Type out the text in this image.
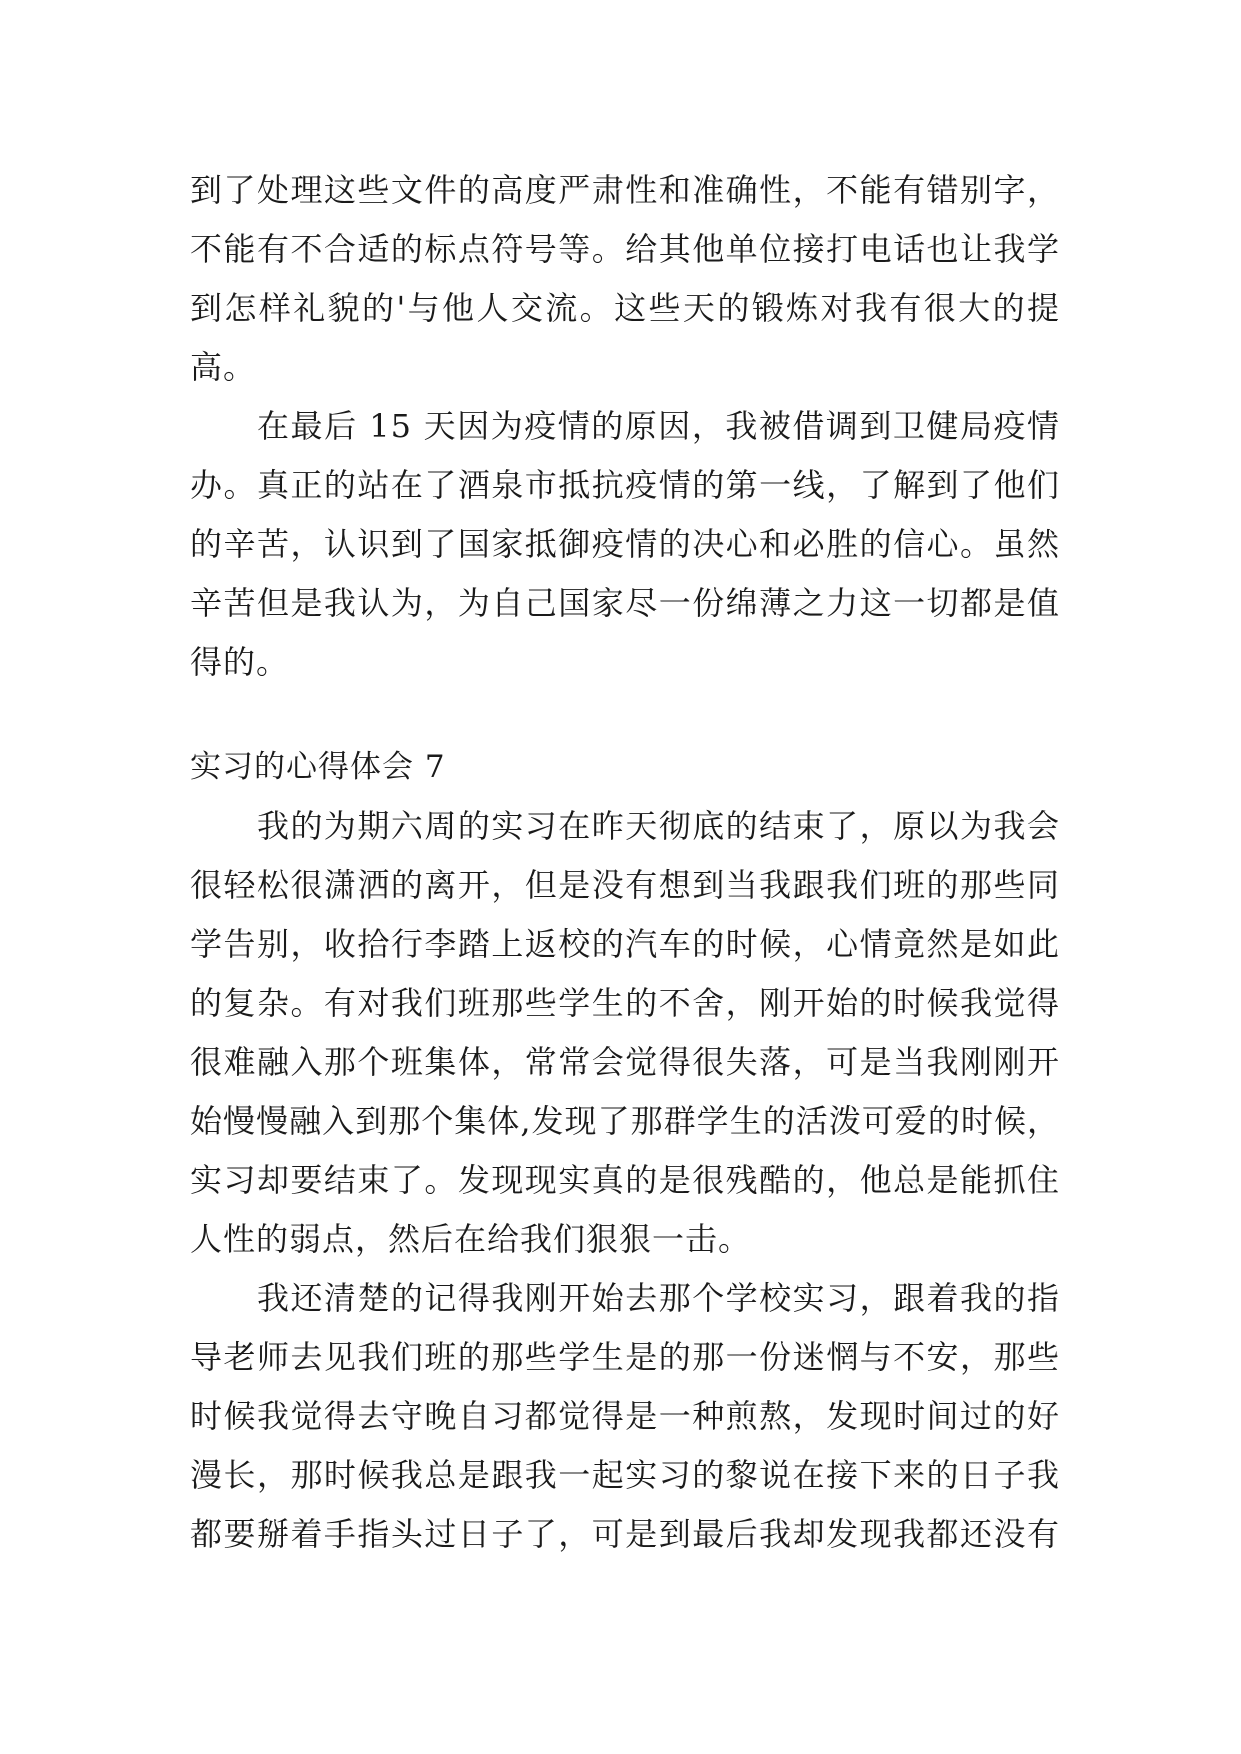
到了处理这些文件的高度严肃性和准确性，不能有错别字，
不能有不合适的标点符号等。给其他单位接打电话也让我学
到怎样礼貌的'与他人交流。这些天的锻炼对我有很大的提
高。
　　在最后 15 天因为疫情的原因，我被借调到卫健局疫情
办。真正的站在了酒泉市抵抗疫情的第一线，了解到了他们
的辛苦，认识到了国家抵御疫情的决心和必胜的信心。虽然
辛苦但是我认为，为自己国家尽一份绵薄之力这一切都是值
得的。
实习的心得体会 7
　　我的为期六周的实习在昨天彻底的结束了，原以为我会
很轻松很潇洒的离开，但是没有想到当我跟我们班的那些同
学告别，收拾行李踏上返校的汽车的时候，心情竟然是如此
的复杂。有对我们班那些学生的不舍，刚开始的时候我觉得
很难融入那个班集体，常常会觉得很失落，可是当我刚刚开
始慢慢融入到那个集体,发现了那群学生的活泼可爱的时候，
实习却要结束了。发现现实真的是很残酷的，他总是能抓住
人性的弱点，然后在给我们狠狠一击。
　　我还清楚的记得我刚开始去那个学校实习，跟着我的指
导老师去见我们班的那些学生是的那一份迷惘与不安，那些
时候我觉得去守晚自习都觉得是一种煎熬，发现时间过的好
漫长，那时候我总是跟我一起实习的黎说在接下来的日子我
都要掰着手指头过日子了，可是到最后我却发现我都还没有
